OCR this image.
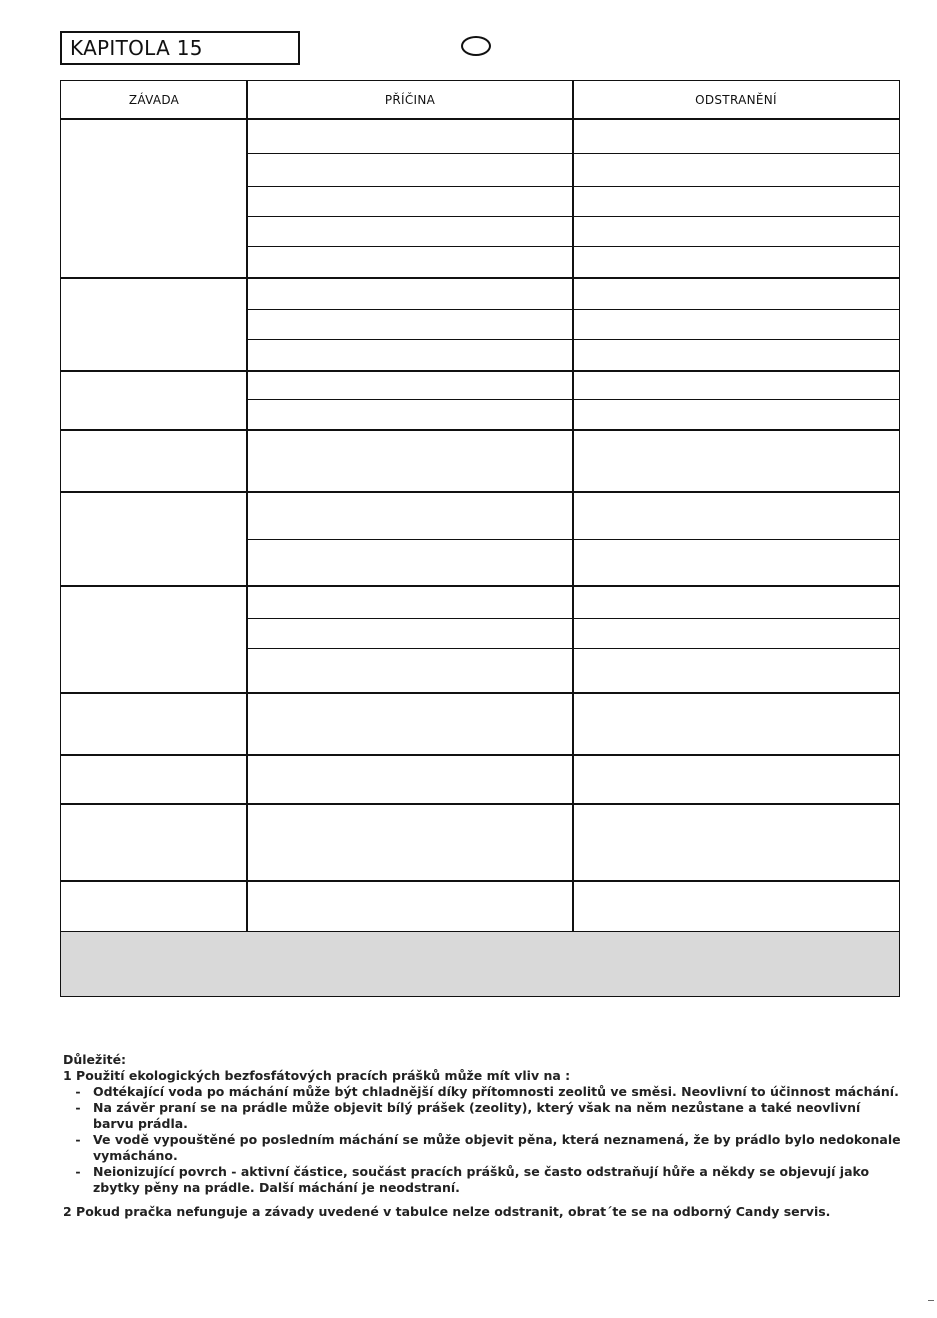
KAPITOLA 15
ZÁVADA	PŘÍČINA	ODSTRANĚNÍ

Důležité:

1 Použití ekologických bezfosfátových pracích prášků může mít vliv na :

- Odtékající voda po máchání může být chladnější díky přítomnosti zeolitů ve směsi. Neovlivní to účinnost máchání.
- Na závěr praní se na prádle může objevit bílý prášek (zeolity), který však na něm nezůstane a také neovlivní barvu prádla.
- Ve vodě vypouštěné po posledním máchání se může objevit pěna, která neznamená, že by prádlo bylo nedokonale vymácháno.
- Neionizující povrch - aktivní částice, součást pracích prášků, se často odstraňují hůře a někdy se objevují jako zbytky pěny na prádle. Další máchání je neodstraní.

2 Pokud pračka nefunguje a závady uvedené v tabulce nelze odstranit, obrat´te se na odborný Candy servis.
